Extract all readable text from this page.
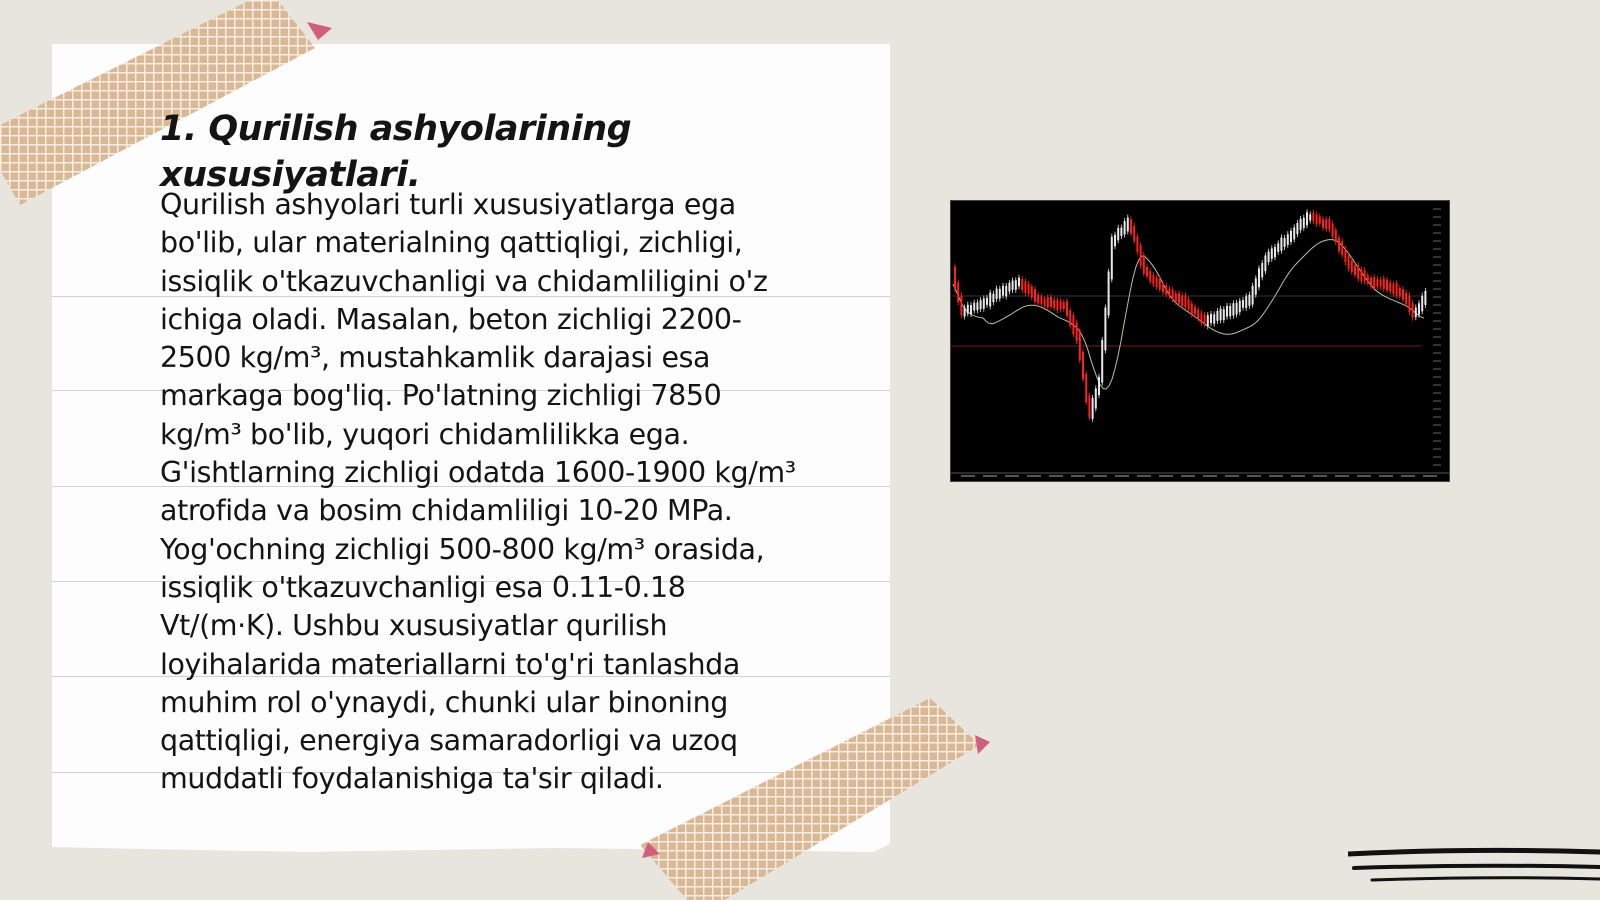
1. Qurilish ashyolarining xususiyatlari.

Qurilish ashyolari turli xususiyatlarga ega bo'lib, ular materialning qattiqligi, zichligi, issiqlik o'tkazuvchanligi va chidamliligini o'z ichiga oladi. Masalan, beton zichligi 2200-2500 kg/m³, mustahkamlik darajasi esa markaga bog'liq. Po'latning zichligi 7850 kg/m³ bo'lib, yuqori chidamlilikka ega. G'ishtlarning zichligi odatda 1600-1900 kg/m³ atrofida va bosim chidamliligi 10-20 MPa. Yog'ochning zichligi 500-800 kg/m³ orasida, issiqlik o'tkazuvchanligi esa 0.11-0.18 Vt/(m·K). Ushbu xususiyatlar qurilish loyihalarida materiallarni to'g'ri tanlashda muhim rol o'ynaydi, chunki ular binoning qattiqligi, energiya samaradorligi va uzoq muddatli foydalanishiga ta'sir qiladi.
